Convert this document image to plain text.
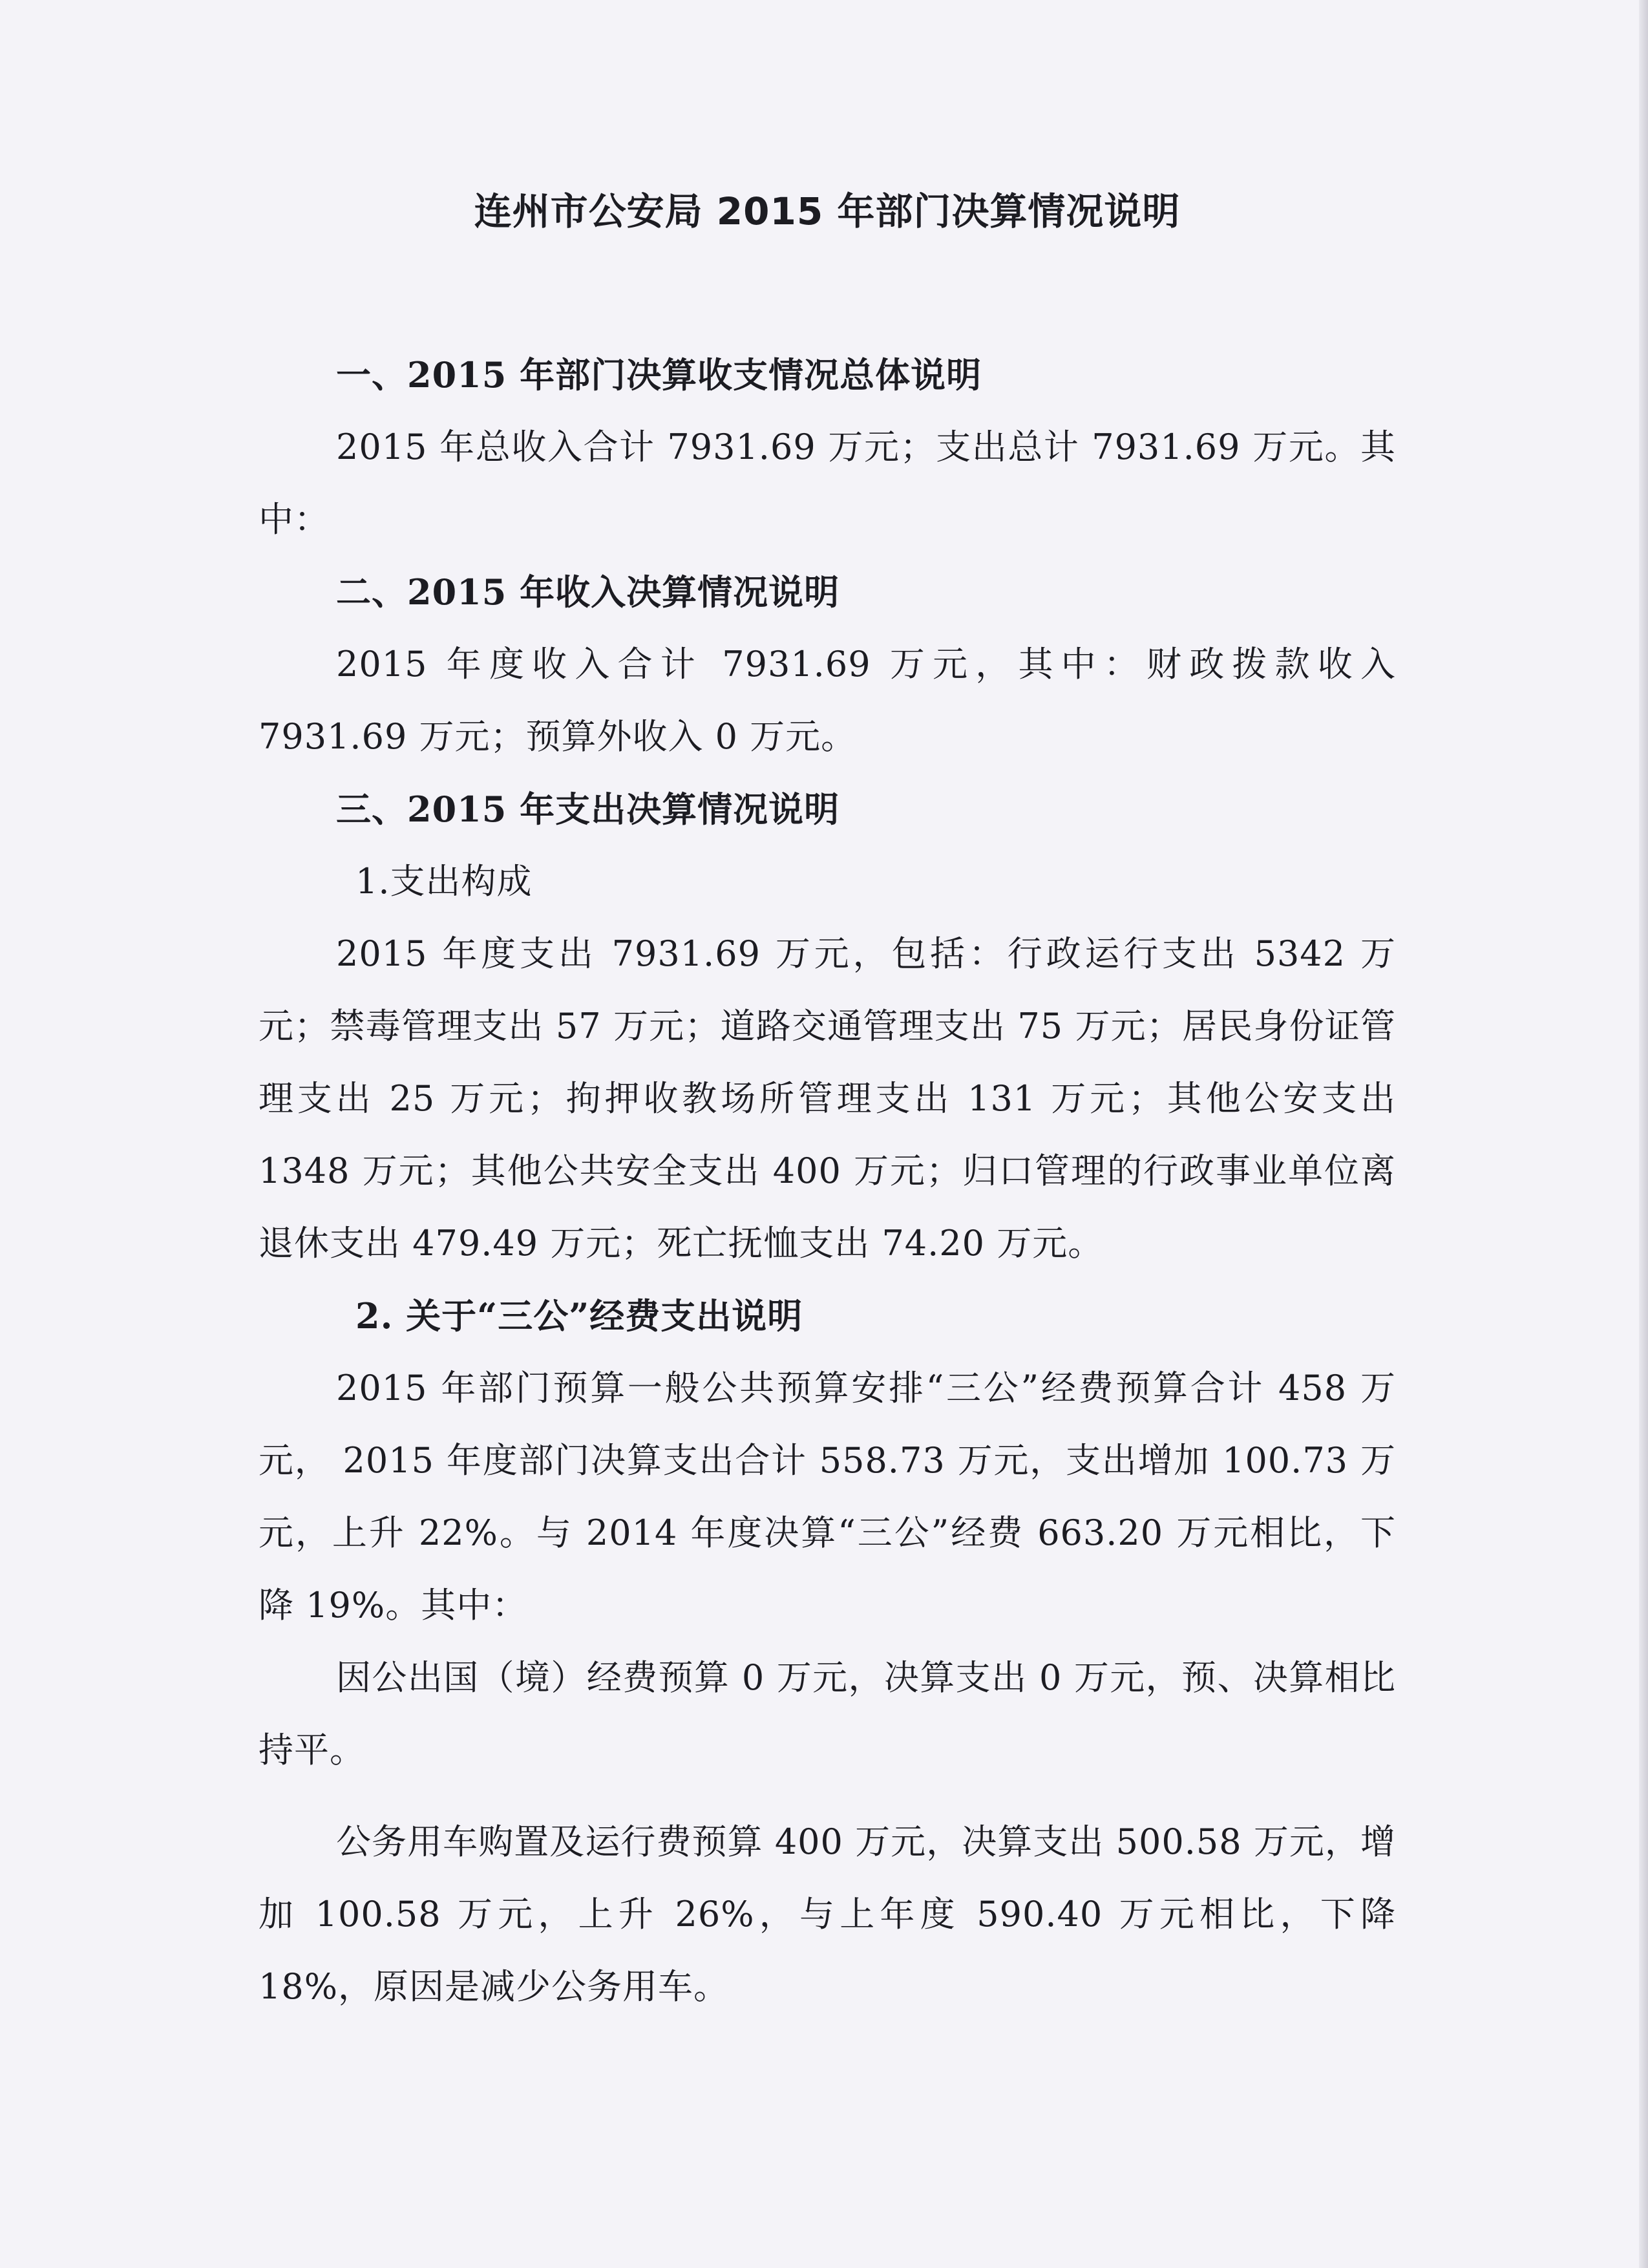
连州市公安局 2015 年部门决算情况说明

一、2015 年部门决算收支情况总体说明

2015 年总收入合计 7931.69 万元；支出总计 7931.69 万元。其中：

二、2015 年收入决算情况说明

2015 年度收入合计 7931.69 万元，其中：财政拨款收入 7931.69 万元；预算外收入 0 万元。

三、2015 年支出决算情况说明

1.支出构成

2015 年度支出 7931.69 万元，包括：行政运行支出 5342 万元；禁毒管理支出 57 万元；道路交通管理支出 75 万元；居民身份证管理支出 25 万元；拘押收教场所管理支出 131 万元；其他公安支出 1348 万元；其他公共安全支出 400 万元；归口管理的行政事业单位离退休支出 479.49 万元；死亡抚恤支出 74.20 万元。

2. 关于“三公”经费支出说明

2015 年部门预算一般公共预算安排“三公”经费预算合计 458 万元， 2015 年度部门决算支出合计 558.73 万元，支出增加 100.73 万元，上升 22%。与 2014 年度决算“三公”经费 663.20 万元相比，下降 19%。其中：

因公出国（境）经费预算 0 万元，决算支出 0 万元，预、决算相比持平。

公务用车购置及运行费预算 400 万元，决算支出 500.58 万元，增加 100.58 万元，上升 26%，与上年度 590.40 万元相比，下降 18%，原因是减少公务用车。
